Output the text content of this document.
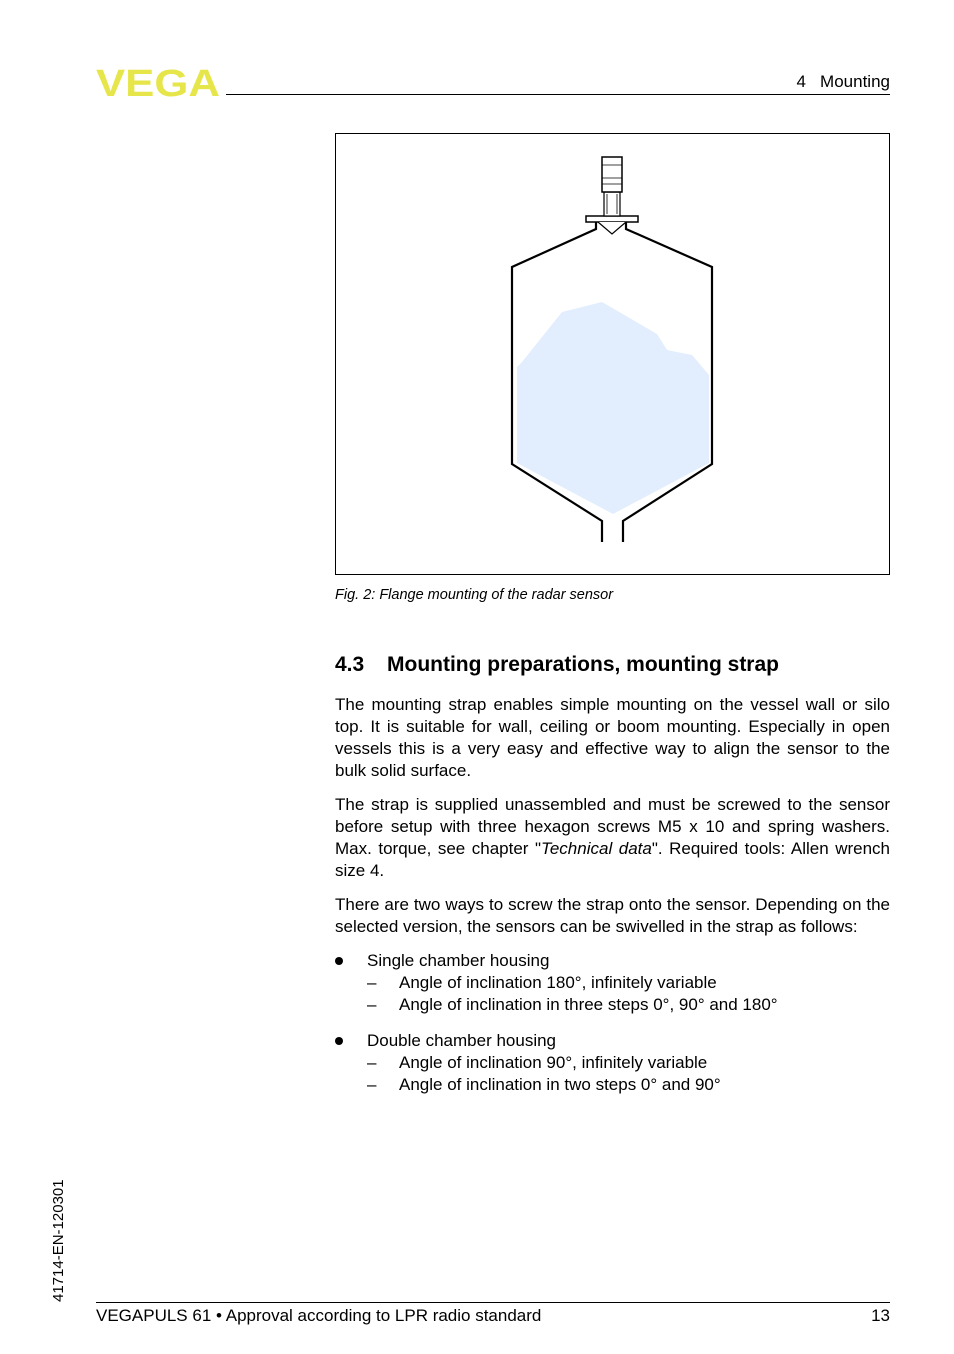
VEGA	4   Mounting
Fig. 2: Flange mounting of the radar sensor
4.3 Mounting preparations, mounting strap

The mounting strap enables simple mounting on the vessel wall or silo top. It is suitable for wall, ceiling or boom mounting. Especially in open vessels this is a very easy and effective way to align the sensor to the bulk solid surface.

The strap is supplied unassembled and must be screwed to the sensor before setup with three hexagon screws M5 x 10 and spring washers. Max. torque, see chapter "Technical data". Required tools: Allen wrench size 4.

There are two ways to screw the strap onto the sensor. Depending on the selected version, the sensors can be swivelled in the strap as follows:

Single chamber housing
– Angle of inclination 180°, infinitely variable
– Angle of inclination in three steps 0°, 90° and 180°
Double chamber housing
– Angle of inclination 90°, infinitely variable
– Angle of inclination in two steps 0° and 90°
41714-EN-120301
VEGAPULS 61 • Approval according to LPR radio standard	13
